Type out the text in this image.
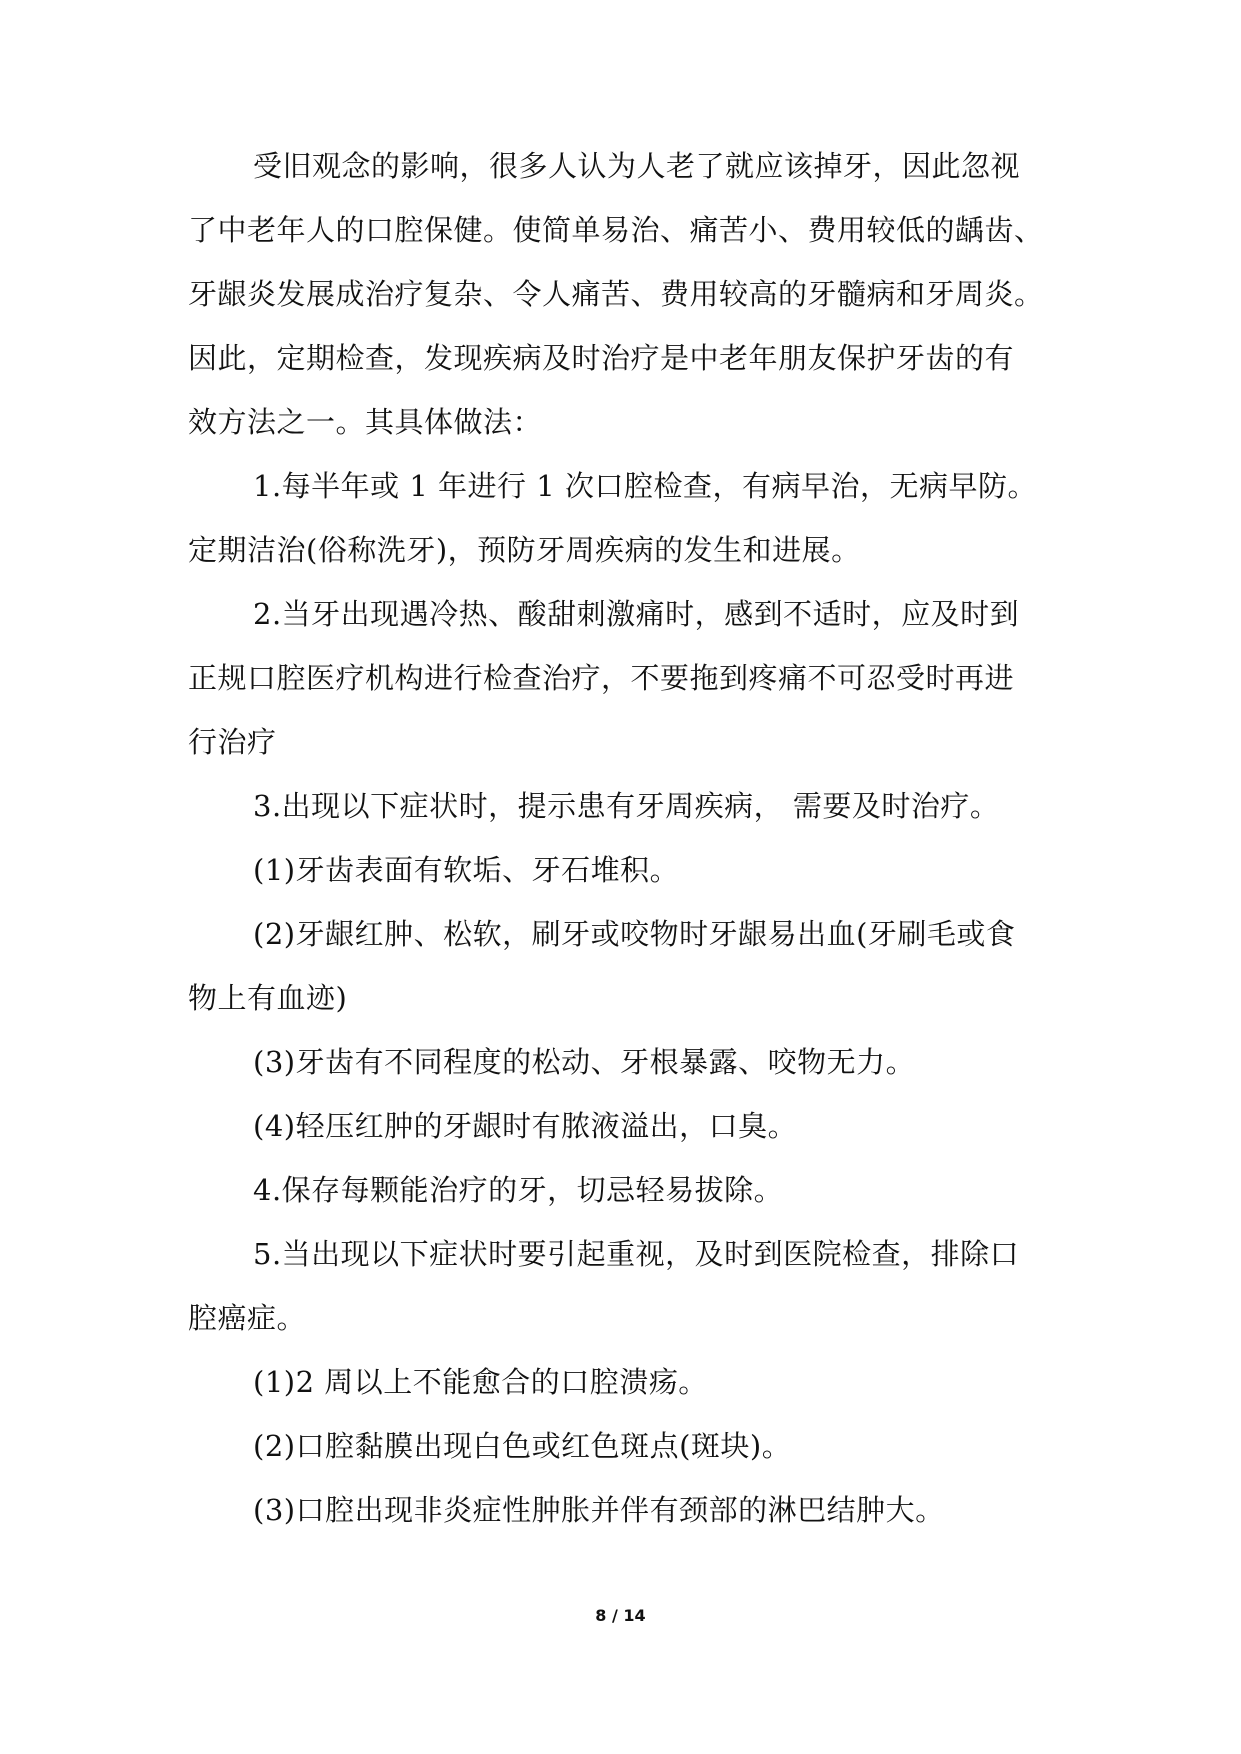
受旧观念的影响，很多人认为人老了就应该掉牙，因此忽视
了中老年人的口腔保健。使简单易治、痛苦小、费用较低的龋齿、
牙龈炎发展成治疗复杂、令人痛苦、费用较高的牙髓病和牙周炎。
因此，定期检查，发现疾病及时治疗是中老年朋友保护牙齿的有
效方法之一。其具体做法：
1.每半年或 1 年进行 1 次口腔检查，有病早治，无病早防。
定期洁治(俗称洗牙)，预防牙周疾病的发生和进展。
2.当牙出现遇冷热、酸甜刺激痛时，感到不适时，应及时到
正规口腔医疗机构进行检查治疗，不要拖到疼痛不可忍受时再进
行治疗
3.出现以下症状时，提示患有牙周疾病， 需要及时治疗。
(1)牙齿表面有软垢、牙石堆积。
(2)牙龈红肿、松软，刷牙或咬物时牙龈易出血(牙刷毛或食
物上有血迹)
(3)牙齿有不同程度的松动、牙根暴露、咬物无力。
(4)轻压红肿的牙龈时有脓液溢出，口臭。
4.保存每颗能治疗的牙，切忌轻易拔除。
5.当出现以下症状时要引起重视，及时到医院检查，排除口
腔癌症。
(1)2 周以上不能愈合的口腔溃疡。
(2)口腔黏膜出现白色或红色斑点(斑块)。
(3)口腔出现非炎症性肿胀并伴有颈部的淋巴结肿大。
8 / 14
